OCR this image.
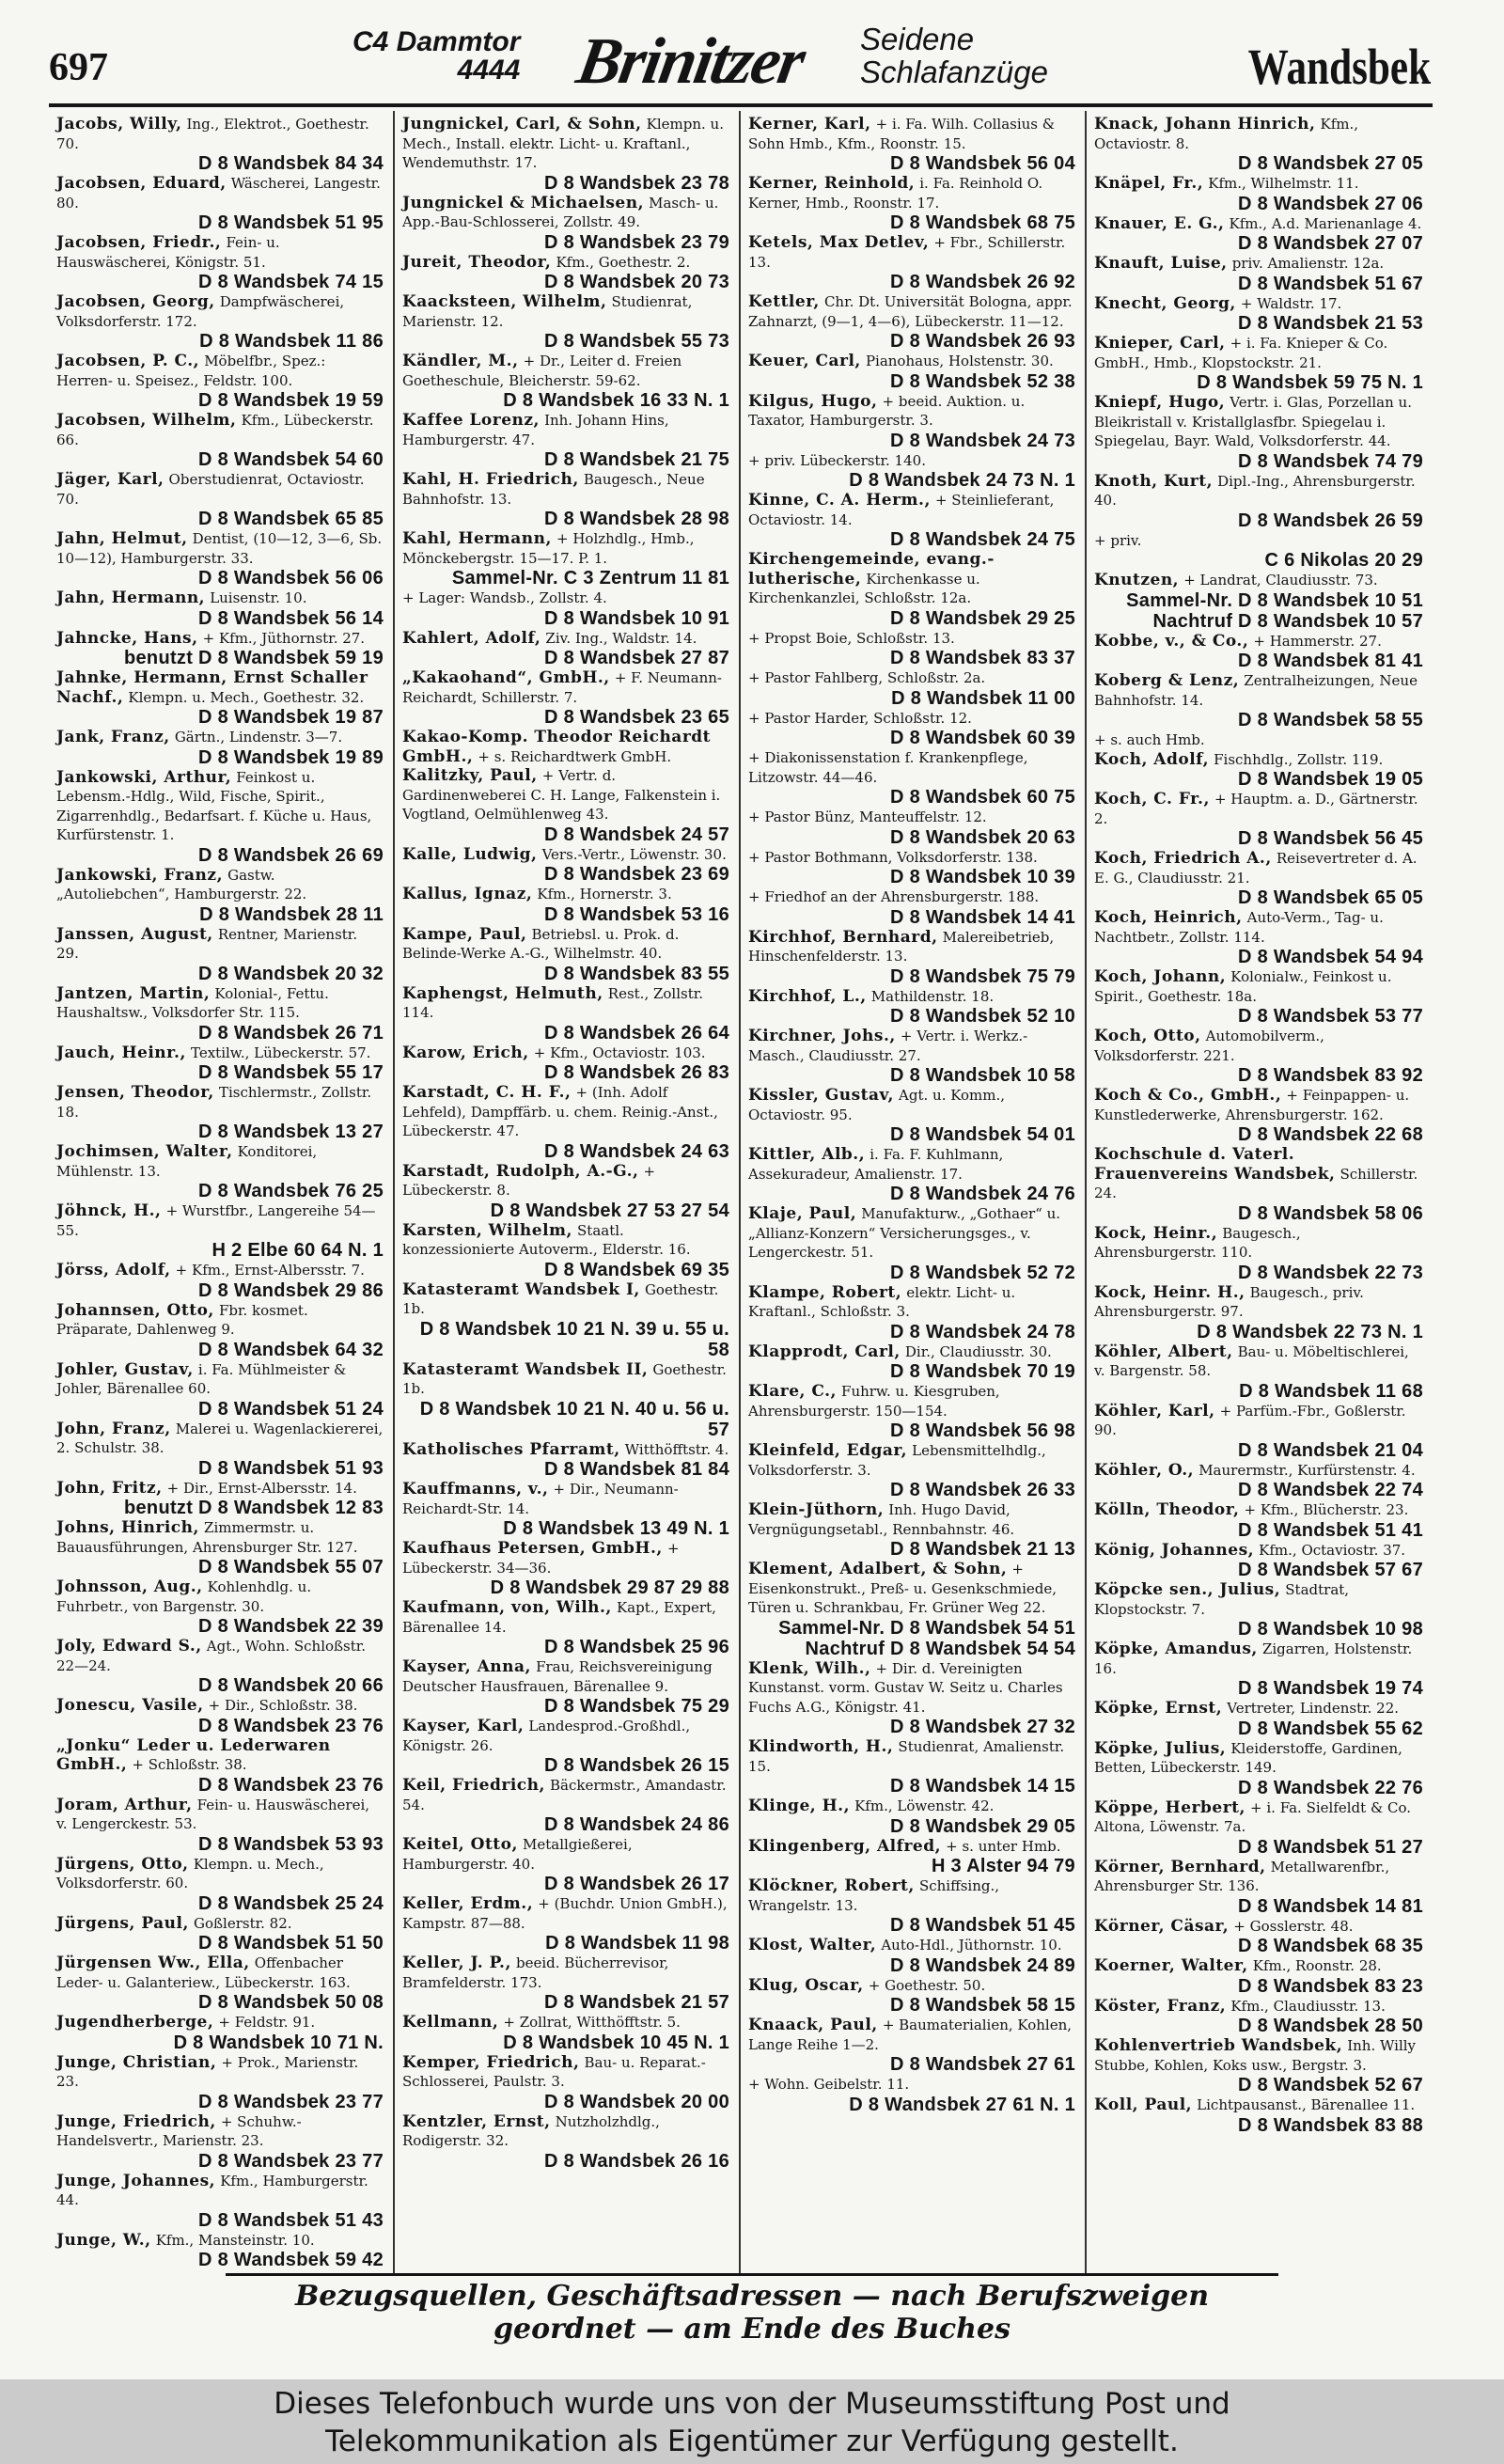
697
C4 Dammtor
4444 Brinitzer Seidene
Schlafanzüge	Wandsbek
Jacobs, Willy, Ing., Elektrot., Goethestr. 70.
D 8 Wandsbek 84 34
Jacobsen, Eduard, Wäscherei, Langestr. 80.
D 8 Wandsbek 51 95
Jacobsen, Friedr., Fein- u. Hauswäscherei, Königstr. 51.
D 8 Wandsbek 74 15
Jacobsen, Georg, Dampfwäscherei, Volksdorferstr. 172.
D 8 Wandsbek 11 86
Jacobsen, P. C., Möbelfbr., Spez.: Herren- u. Speisez., Feldstr. 100.
D 8 Wandsbek 19 59
Jacobsen, Wilhelm, Kfm., Lübeckerstr. 66.
D 8 Wandsbek 54 60
Jäger, Karl, Oberstudienrat, Octaviostr. 70.
D 8 Wandsbek 65 85
Jahn, Helmut, Dentist, (10—12, 3—6, Sb. 10—12), Hamburgerstr. 33.
D 8 Wandsbek 56 06
Jahn, Hermann, Luisenstr. 10.
D 8 Wandsbek 56 14
Jahncke, Hans, + Kfm., Jüthornstr. 27.
benutzt D 8 Wandsbek 59 19
Jahnke, Hermann, Ernst Schaller Nachf., Klempn. u. Mech., Goethestr. 32.
D 8 Wandsbek 19 87
Jank, Franz, Gärtn., Lindenstr. 3—7.
D 8 Wandsbek 19 89
Jankowski, Arthur, Feinkost u. Lebensm.-Hdlg., Wild, Fische, Spirit., Zigarrenhdlg., Bedarfsart. f. Küche u. Haus, Kurfürstenstr. 1.
D 8 Wandsbek 26 69
Jankowski, Franz, Gastw. „Autoliebchen“, Hamburgerstr. 22.
D 8 Wandsbek 28 11
Janssen, August, Rentner, Marienstr. 29.
D 8 Wandsbek 20 32
Jantzen, Martin, Kolonial-, Fettu. Haushaltsw., Volksdorfer Str. 115.
D 8 Wandsbek 26 71
Jauch, Heinr., Textilw., Lübeckerstr. 57.
D 8 Wandsbek 55 17
Jensen, Theodor, Tischlermstr., Zollstr. 18.
D 8 Wandsbek 13 27
Jochimsen, Walter, Konditorei, Mühlenstr. 13.
D 8 Wandsbek 76 25
Jöhnck, H., + Wurstfbr., Langereihe 54—55.
H 2 Elbe 60 64 N. 1
Jörss, Adolf, + Kfm., Ernst-Albersstr. 7.
D 8 Wandsbek 29 86
Johannsen, Otto, Fbr. kosmet. Präparate, Dahlenweg 9.
D 8 Wandsbek 64 32
Johler, Gustav, i. Fa. Mühlmeister & Johler, Bärenallee 60.
D 8 Wandsbek 51 24
John, Franz, Malerei u. Wagenlackiererei, 2. Schulstr. 38.
D 8 Wandsbek 51 93
John, Fritz, + Dir., Ernst-Albersstr. 14.
benutzt D 8 Wandsbek 12 83
Johns, Hinrich, Zimmermstr. u. Bauausführungen, Ahrensburger Str. 127.
D 8 Wandsbek 55 07
Johnsson, Aug., Kohlenhdlg. u. Fuhrbetr., von Bargenstr. 30.
D 8 Wandsbek 22 39
Joly, Edward S., Agt., Wohn. Schloßstr. 22—24.
D 8 Wandsbek 20 66
Jonescu, Vasile, + Dir., Schloßstr. 38.
D 8 Wandsbek 23 76
„Jonku“ Leder u. Lederwaren GmbH., + Schloßstr. 38.
D 8 Wandsbek 23 76
Joram, Arthur, Fein- u. Hauswäscherei, v. Lengerckestr. 53.
D 8 Wandsbek 53 93
Jürgens, Otto, Klempn. u. Mech., Volksdorferstr. 60.
D 8 Wandsbek 25 24
Jürgens, Paul, Goßlerstr. 82.
D 8 Wandsbek 51 50
Jürgensen Ww., Ella, Offenbacher Leder- u. Galanteriew., Lübeckerstr. 163.
D 8 Wandsbek 50 08
Jugendherberge, + Feldstr. 91.
D 8 Wandsbek 10 71 N.
Junge, Christian, + Prok., Marienstr. 23.
D 8 Wandsbek 23 77
Junge, Friedrich, + Schuhw.-Handelsvertr., Marienstr. 23.
D 8 Wandsbek 23 77
Junge, Johannes, Kfm., Hamburgerstr. 44.
D 8 Wandsbek 51 43
Junge, W., Kfm., Mansteinstr. 10.
D 8 Wandsbek 59 42
Jungnickel, Carl, & Sohn, Klempn. u. Mech., Install. elektr. Licht- u. Kraftanl., Wendemuthstr. 17.
D 8 Wandsbek 23 78
Jungnickel & Michaelsen, Masch- u. App.-Bau-Schlosserei, Zollstr. 49.
D 8 Wandsbek 23 79
Jureit, Theodor, Kfm., Goethestr. 2.
D 8 Wandsbek 20 73
Kaacksteen, Wilhelm, Studienrat, Marienstr. 12.
D 8 Wandsbek 55 73
Kändler, M., + Dr., Leiter d. Freien Goetheschule, Bleicherstr. 59-62.
D 8 Wandsbek 16 33 N. 1
Kaffee Lorenz, Inh. Johann Hins, Hamburgerstr. 47.
D 8 Wandsbek 21 75
Kahl, H. Friedrich, Baugesch., Neue Bahnhofstr. 13.
D 8 Wandsbek 28 98
Kahl, Hermann, + Holzhdlg., Hmb., Mönckebergstr. 15—17. P. 1.
Sammel-Nr. C 3 Zentrum 11 81
+ Lager: Wandsb., Zollstr. 4.
D 8 Wandsbek 10 91
Kahlert, Adolf, Ziv. Ing., Waldstr. 14.
D 8 Wandsbek 27 87
„Kakaohand“, GmbH., + F. Neumann-Reichardt, Schillerstr. 7.
D 8 Wandsbek 23 65
Kakao-Komp. Theodor Reichardt GmbH., + s. Reichardtwerk GmbH.
Kalitzky, Paul, + Vertr. d. Gardinenweberei C. H. Lange, Falkenstein i. Vogtland, Oelmühlenweg 43.
D 8 Wandsbek 24 57
Kalle, Ludwig, Vers.-Vertr., Löwenstr. 30.
D 8 Wandsbek 23 69
Kallus, Ignaz, Kfm., Hornerstr. 3.
D 8 Wandsbek 53 16
Kampe, Paul, Betriebsl. u. Prok. d. Belinde-Werke A.-G., Wilhelmstr. 40.
D 8 Wandsbek 83 55
Kaphengst, Helmuth, Rest., Zollstr. 114.
D 8 Wandsbek 26 64
Karow, Erich, + Kfm., Octaviostr. 103.
D 8 Wandsbek 26 83
Karstadt, C. H. F., + (Inh. Adolf Lehfeld), Dampffärb. u. chem. Reinig.-Anst., Lübeckerstr. 47.
D 8 Wandsbek 24 63
Karstadt, Rudolph, A.-G., + Lübeckerstr. 8.
D 8 Wandsbek 27 53 27 54
Karsten, Wilhelm, Staatl. konzessionierte Autoverm., Elderstr. 16.
D 8 Wandsbek 69 35
Katasteramt Wandsbek I, Goethestr. 1b.
D 8 Wandsbek 10 21 N. 39 u. 55 u. 58
Katasteramt Wandsbek II, Goethestr. 1b.
D 8 Wandsbek 10 21 N. 40 u. 56 u. 57
Katholisches Pfarramt, Witthöfftstr. 4.
D 8 Wandsbek 81 84
Kauffmanns, v., + Dir., Neumann-Reichardt-Str. 14.
D 8 Wandsbek 13 49 N. 1
Kaufhaus Petersen, GmbH., + Lübeckerstr. 34—36.
D 8 Wandsbek 29 87 29 88
Kaufmann, von, Wilh., Kapt., Expert, Bärenallee 14.
D 8 Wandsbek 25 96
Kayser, Anna, Frau, Reichsvereinigung Deutscher Hausfrauen, Bärenallee 9.
D 8 Wandsbek 75 29
Kayser, Karl, Landesprod.-Großhdl., Königstr. 26.
D 8 Wandsbek 26 15
Keil, Friedrich, Bäckermstr., Amandastr. 54.
D 8 Wandsbek 24 86
Keitel, Otto, Metallgießerei, Hamburgerstr. 40.
D 8 Wandsbek 26 17
Keller, Erdm., + (Buchdr. Union GmbH.), Kampstr. 87—88.
D 8 Wandsbek 11 98
Keller, J. P., beeid. Bücherrevisor, Bramfelderstr. 173.
D 8 Wandsbek 21 57
Kellmann, + Zollrat, Witthöfftstr. 5.
D 8 Wandsbek 10 45 N. 1
Kemper, Friedrich, Bau- u. Reparat.-Schlosserei, Paulstr. 3.
D 8 Wandsbek 20 00
Kentzler, Ernst, Nutzholzhdlg., Rodigerstr. 32.
D 8 Wandsbek 26 16
Kerner, Karl, + i. Fa. Wilh. Collasius & Sohn Hmb., Kfm., Roonstr. 15.
D 8 Wandsbek 56 04
Kerner, Reinhold, i. Fa. Reinhold O. Kerner, Hmb., Roonstr. 17.
D 8 Wandsbek 68 75
Ketels, Max Detlev, + Fbr., Schillerstr. 13.
D 8 Wandsbek 26 92
Kettler, Chr. Dt. Universität Bologna, appr. Zahnarzt, (9—1, 4—6), Lübeckerstr. 11—12.
D 8 Wandsbek 26 93
Keuer, Carl, Pianohaus, Holstenstr. 30.
D 8 Wandsbek 52 38
Kilgus, Hugo, + beeid. Auktion. u. Taxator, Hamburgerstr. 3.
D 8 Wandsbek 24 73
+ priv. Lübeckerstr. 140.
D 8 Wandsbek 24 73 N. 1
Kinne, C. A. Herm., + Steinlieferant, Octaviostr. 14.
D 8 Wandsbek 24 75
Kirchengemeinde, evang.-lutherische, Kirchenkasse u. Kirchenkanzlei, Schloßstr. 12a.
D 8 Wandsbek 29 25
+ Propst Boie, Schloßstr. 13.
D 8 Wandsbek 83 37
+ Pastor Fahlberg, Schloßstr. 2a.
D 8 Wandsbek 11 00
+ Pastor Harder, Schloßstr. 12.
D 8 Wandsbek 60 39
+ Diakonissenstation f. Krankenpflege, Litzowstr. 44—46.
D 8 Wandsbek 60 75
+ Pastor Bünz, Manteuffelstr. 12.
D 8 Wandsbek 20 63
+ Pastor Bothmann, Volksdorferstr. 138.
D 8 Wandsbek 10 39
+ Friedhof an der Ahrensburgerstr. 188.
D 8 Wandsbek 14 41
Kirchhof, Bernhard, Malereibetrieb, Hinschenfelderstr. 13.
D 8 Wandsbek 75 79
Kirchhof, L., Mathildenstr. 18.
D 8 Wandsbek 52 10
Kirchner, Johs., + Vertr. i. Werkz.-Masch., Claudiusstr. 27.
D 8 Wandsbek 10 58
Kissler, Gustav, Agt. u. Komm., Octaviostr. 95.
D 8 Wandsbek 54 01
Kittler, Alb., i. Fa. F. Kuhlmann, Assekuradeur, Amalienstr. 17.
D 8 Wandsbek 24 76
Klaje, Paul, Manufakturw., „Gothaer“ u. „Allianz-Konzern“ Versicherungsges., v. Lengerckestr. 51.
D 8 Wandsbek 52 72
Klampe, Robert, elektr. Licht- u. Kraftanl., Schloßstr. 3.
D 8 Wandsbek 24 78
Klapprodt, Carl, Dir., Claudiusstr. 30.
D 8 Wandsbek 70 19
Klare, C., Fuhrw. u. Kiesgruben, Ahrensburgerstr. 150—154.
D 8 Wandsbek 56 98
Kleinfeld, Edgar, Lebensmittelhdlg., Volksdorferstr. 3.
D 8 Wandsbek 26 33
Klein-Jüthorn, Inh. Hugo David, Vergnügungsetabl., Rennbahnstr. 46.
D 8 Wandsbek 21 13
Klement, Adalbert, & Sohn, + Eisenkonstrukt., Preß- u. Gesenkschmiede, Türen u. Schrankbau, Fr. Grüner Weg 22.
Sammel-Nr. D 8 Wandsbek 54 51 Nachtruf D 8 Wandsbek 54 54
Klenk, Wilh., + Dir. d. Vereinigten Kunstanst. vorm. Gustav W. Seitz u. Charles Fuchs A.G., Königstr. 41.
D 8 Wandsbek 27 32
Klindworth, H., Studienrat, Amalienstr. 15.
D 8 Wandsbek 14 15
Klinge, H., Kfm., Löwenstr. 42.
D 8 Wandsbek 29 05
Klingenberg, Alfred, + s. unter Hmb.
H 3 Alster 94 79
Klöckner, Robert, Schiffsing., Wrangelstr. 13.
D 8 Wandsbek 51 45
Klost, Walter, Auto-Hdl., Jüthornstr. 10.
D 8 Wandsbek 24 89
Klug, Oscar, + Goethestr. 50.
D 8 Wandsbek 58 15
Knaack, Paul, + Baumaterialien, Kohlen, Lange Reihe 1—2.
D 8 Wandsbek 27 61
+ Wohn. Geibelstr. 11.
D 8 Wandsbek 27 61 N. 1
Knack, Johann Hinrich, Kfm., Octaviostr. 8.
D 8 Wandsbek 27 05
Knäpel, Fr., Kfm., Wilhelmstr. 11.
D 8 Wandsbek 27 06
Knauer, E. G., Kfm., A.d. Marienanlage 4.
D 8 Wandsbek 27 07
Knauft, Luise, priv. Amalienstr. 12a.
D 8 Wandsbek 51 67
Knecht, Georg, + Waldstr. 17.
D 8 Wandsbek 21 53
Knieper, Carl, + i. Fa. Knieper & Co. GmbH., Hmb., Klopstockstr. 21.
D 8 Wandsbek 59 75 N. 1
Kniepf, Hugo, Vertr. i. Glas, Porzellan u. Bleikristall v. Kristallglasfbr. Spiegelau i. Spiegelau, Bayr. Wald, Volksdorferstr. 44.
D 8 Wandsbek 74 79
Knoth, Kurt, Dipl.-Ing., Ahrensburgerstr. 40.
D 8 Wandsbek 26 59
+ priv.
C 6 Nikolas 20 29
Knutzen, + Landrat, Claudiusstr. 73.
Sammel-Nr. D 8 Wandsbek 10 51 Nachtruf D 8 Wandsbek 10 57
Kobbe, v., & Co., + Hammerstr. 27.
D 8 Wandsbek 81 41
Koberg & Lenz, Zentralheizungen, Neue Bahnhofstr. 14.
D 8 Wandsbek 58 55
+ s. auch Hmb.
Koch, Adolf, Fischhdlg., Zollstr. 119.
D 8 Wandsbek 19 05
Koch, C. Fr., + Hauptm. a. D., Gärtnerstr. 2.
D 8 Wandsbek 56 45
Koch, Friedrich A., Reisevertreter d. A. E. G., Claudiusstr. 21.
D 8 Wandsbek 65 05
Koch, Heinrich, Auto-Verm., Tag- u. Nachtbetr., Zollstr. 114.
D 8 Wandsbek 54 94
Koch, Johann, Kolonialw., Feinkost u. Spirit., Goethestr. 18a.
D 8 Wandsbek 53 77
Koch, Otto, Automobilverm., Volksdorferstr. 221.
D 8 Wandsbek 83 92
Koch & Co., GmbH., + Feinpappen- u. Kunstlederwerke, Ahrensburgerstr. 162.
D 8 Wandsbek 22 68
Kochschule d. Vaterl. Frauenvereins Wandsbek, Schillerstr. 24.
D 8 Wandsbek 58 06
Kock, Heinr., Baugesch., Ahrensburgerstr. 110.
D 8 Wandsbek 22 73
Kock, Heinr. H., Baugesch., priv. Ahrensburgerstr. 97.
D 8 Wandsbek 22 73 N. 1
Köhler, Albert, Bau- u. Möbeltischlerei, v. Bargenstr. 58.
D 8 Wandsbek 11 68
Köhler, Karl, + Parfüm.-Fbr., Goßlerstr. 90.
D 8 Wandsbek 21 04
Köhler, O., Maurermstr., Kurfürstenstr. 4.
D 8 Wandsbek 22 74
Kölln, Theodor, + Kfm., Blücherstr. 23.
D 8 Wandsbek 51 41
König, Johannes, Kfm., Octaviostr. 37.
D 8 Wandsbek 57 67
Köpcke sen., Julius, Stadtrat, Klopstockstr. 7.
D 8 Wandsbek 10 98
Köpke, Amandus, Zigarren, Holstenstr. 16.
D 8 Wandsbek 19 74
Köpke, Ernst, Vertreter, Lindenstr. 22.
D 8 Wandsbek 55 62
Köpke, Julius, Kleiderstoffe, Gardinen, Betten, Lübeckerstr. 149.
D 8 Wandsbek 22 76
Köppe, Herbert, + i. Fa. Sielfeldt & Co. Altona, Löwenstr. 7a.
D 8 Wandsbek 51 27
Körner, Bernhard, Metallwarenfbr., Ahrensburger Str. 136.
D 8 Wandsbek 14 81
Körner, Cäsar, + Gosslerstr. 48.
D 8 Wandsbek 68 35
Koerner, Walter, Kfm., Roonstr. 28.
D 8 Wandsbek 83 23
Köster, Franz, Kfm., Claudiusstr. 13.
D 8 Wandsbek 28 50
Kohlenvertrieb Wandsbek, Inh. Willy Stubbe, Kohlen, Koks usw., Bergstr. 3.
D 8 Wandsbek 52 67
Koll, Paul, Lichtpausanst., Bärenallee 11.
D 8 Wandsbek 83 88
Bezugsquellen, Geschäftsadressen — nach Berufszweigen geordnet — am Ende des Buches
Dieses Telefonbuch wurde uns von der Museumsstiftung Post und
Telekommunikation als Eigentümer zur Verfügung gestellt.
